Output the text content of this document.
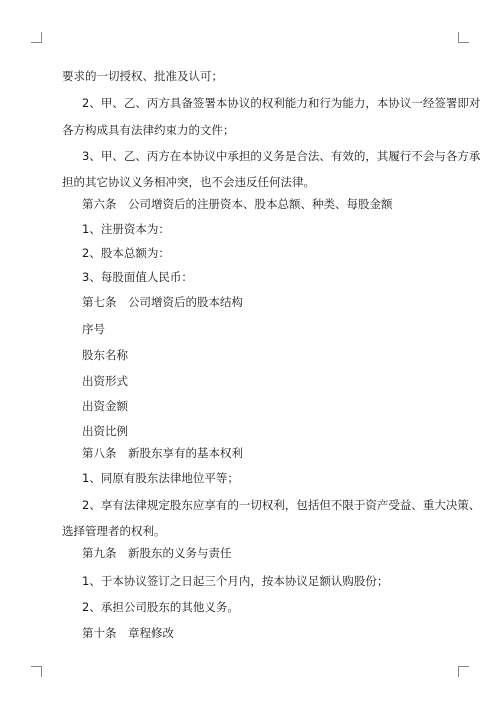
要求的一切授权、批准及认可；
2、甲、乙、丙方具备签署本协议的权利能力和行为能力，本协议一经签署即对
各方构成具有法律约束力的文件；
3、甲、乙、丙方在本协议中承担的义务是合法、有效的，其履行不会与各方承
担的其它协议义务相冲突，也不会违反任何法律。
第六条　公司增资后的注册资本、股本总额、种类、每股金额
1、注册资本为：
2、股本总额为：
3、每股面值人民币：
第七条　公司增资后的股本结构
序号
股东名称
出资形式
出资金额
出资比例
第八条　新股东享有的基本权利
1、同原有股东法律地位平等；
2、享有法律规定股东应享有的一切权利，包括但不限于资产受益、重大决策、
选择管理者的权利。
第九条　新股东的义务与责任
1、于本协议签订之日起三个月内，按本协议足额认购股份；
2、承担公司股东的其他义务。
第十条　章程修改
